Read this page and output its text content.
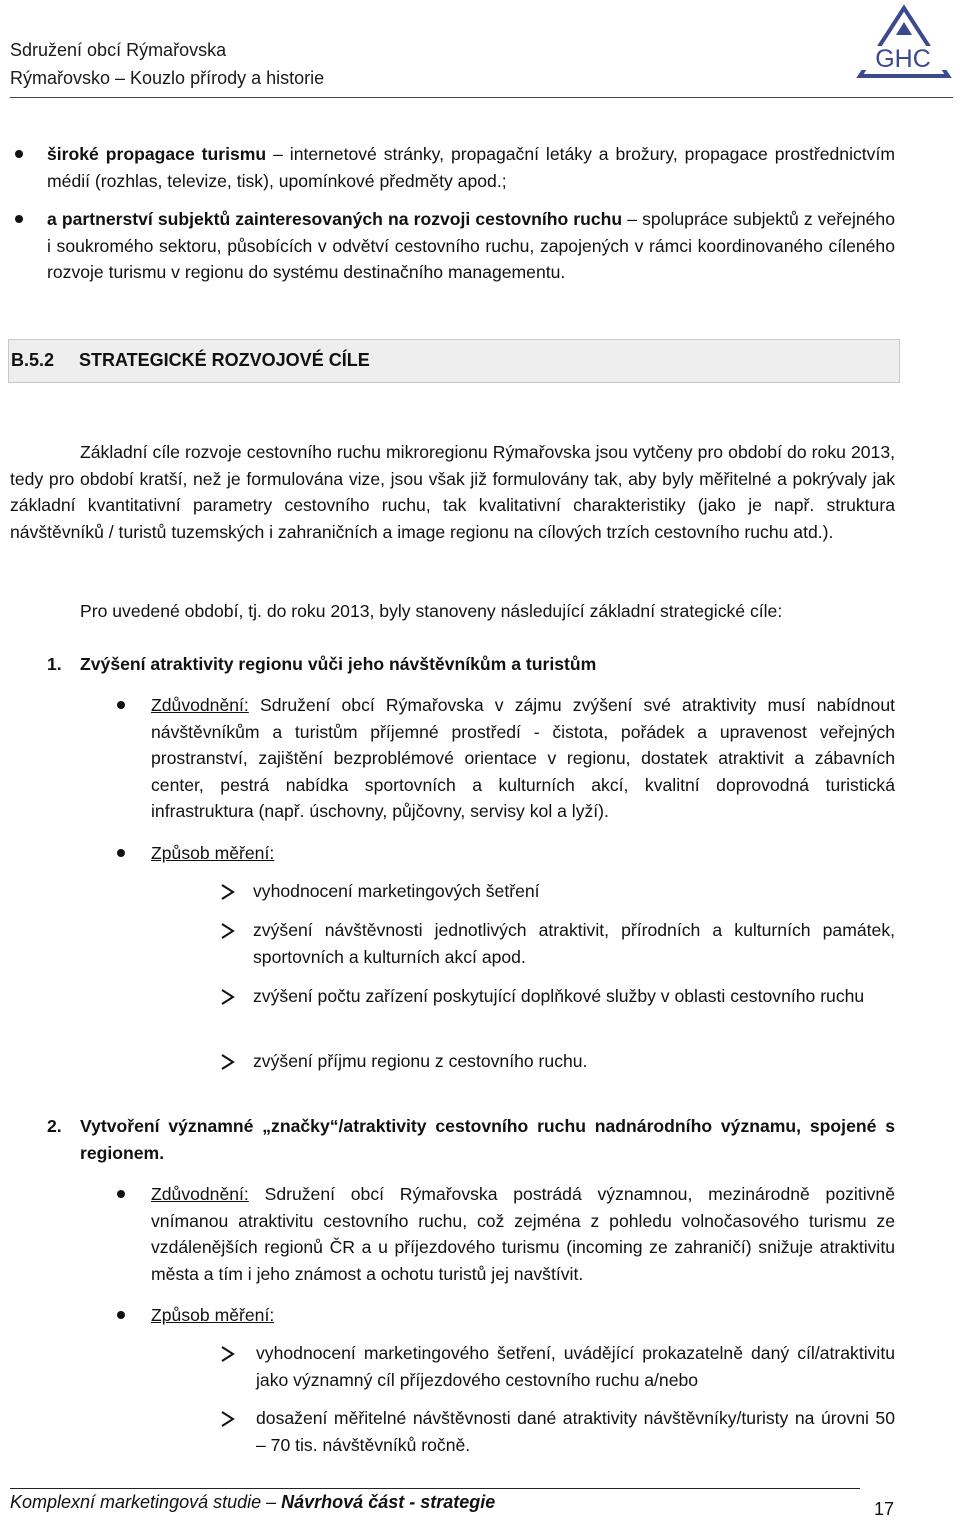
Sdružení obcí Rýmařovska
Rýmařovsko – Kouzlo přírody a historie
GHC
široké propagace turismu – internetové stránky, propagační letáky a brožury, propagace prostřednictvím médií (rozhlas, televize, tisk), upomínkové předměty apod.;
a partnerství subjektů zainteresovaných na rozvoji cestovního ruchu – spolupráce subjektů z veřejného i soukromého sektoru, působících v odvětví cestovního ruchu, zapojených v rámci koordinovaného cíleného rozvoje turismu v regionu do systému destinačního managementu.
B.5.2 STRATEGICKÉ ROZVOJOVÉ CÍLE
Základní cíle rozvoje cestovního ruchu mikroregionu Rýmařovska jsou vytčeny pro období do roku 2013, tedy pro období kratší, než je formulována vize, jsou však již formulovány tak, aby byly měřitelné a pokrývaly jak základní kvantitativní parametry cestovního ruchu, tak kvalitativní charakteristiky (jako je např. struktura návštěvníků / turistů tuzemských i zahraničních a image regionu na cílových trzích cestovního ruchu atd.).
Pro uvedené období, tj. do roku 2013, byly stanoveny následující základní strategické cíle:
1. Zvýšení atraktivity regionu vůči jeho návštěvníkům a turistům
Zdůvodnění: Sdružení obcí Rýmařovska v zájmu zvýšení své atraktivity musí nabídnout návštěvníkům a turistům příjemné prostředí - čistota, pořádek a upravenost veřejných prostranství, zajištění bezproblémové orientace v regionu, dostatek atraktivit a zábavních center, pestrá nabídka sportovních a kulturních akcí, kvalitní doprovodná turistická infrastruktura (např. úschovny, půjčovny, servisy kol a lyží).
Způsob měření:
vyhodnocení marketingových šetření
zvýšení návštěvnosti jednotlivých atraktivit, přírodních a kulturních památek, sportovních a kulturních akcí apod.
zvýšení počtu zařízení poskytující doplňkové služby v oblasti cestovního ruchu
zvýšení příjmu regionu z cestovního ruchu.
2. Vytvoření významné „značky“/atraktivity cestovního ruchu nadnárodního významu, spojené s regionem.
Zdůvodnění: Sdružení obcí Rýmařovska postrádá významnou, mezinárodně pozitivně vnímanou atraktivitu cestovního ruchu, což zejména z pohledu volnočasového turismu ze vzdálenějších regionů ČR a u příjezdového turismu (incoming ze zahraničí) snižuje atraktivitu města a tím i jeho známost a ochotu turistů jej navštívit.
Způsob měření:
vyhodnocení marketingového šetření, uvádějící prokazatelně daný cíl/atraktivitu jako významný cíl příjezdového cestovního ruchu a/nebo
dosažení měřitelné návštěvnosti dané atraktivity návštěvníky/turisty na úrovni 50 – 70 tis. návštěvníků ročně.
Komplexní marketingová studie – Návrhová část - strategie	17
